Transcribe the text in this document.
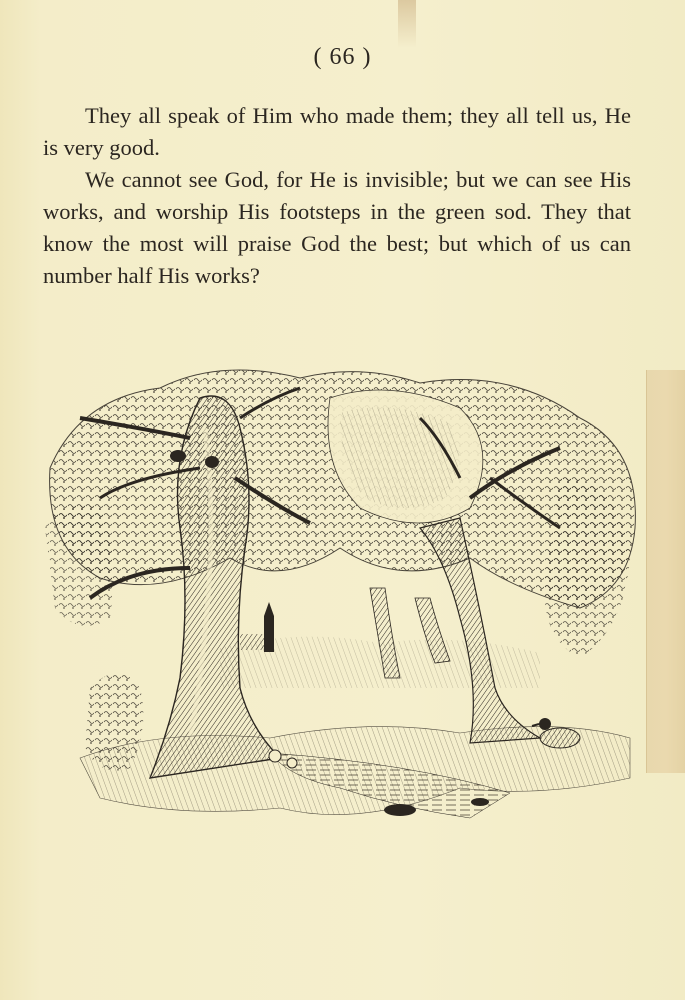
( 66 )

They all speak of Him who made them; they all tell us, He is very good.

We cannot see God, for He is invisible; but we can see His works, and worship His footsteps in the green sod. They that know the most will praise God the best; but which of us can number half His works?
